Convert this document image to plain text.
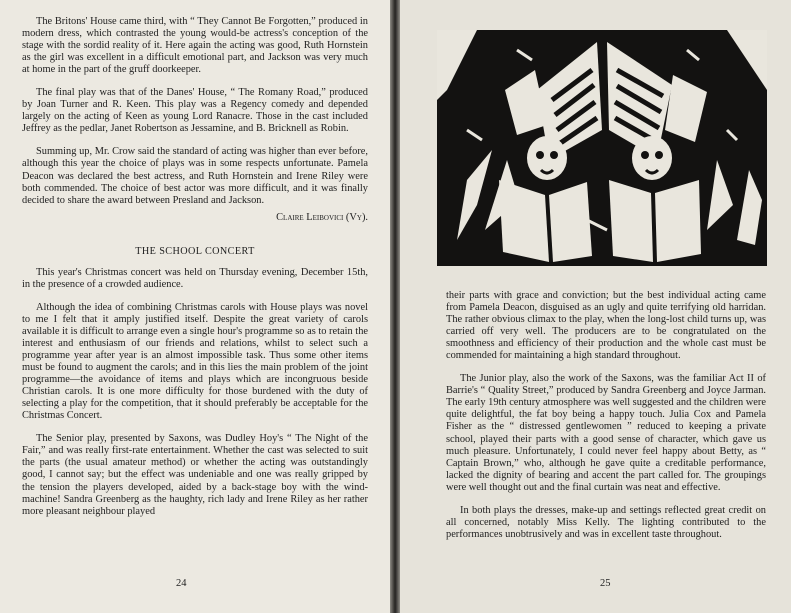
The Britons' House came third, with “ They Cannot Be Forgotten,” produced in modern dress, which contrasted the young would-be actress's conception of the stage with the sordid reality of it. Here again the acting was good, Ruth Hornstein as the girl was excellent in a difficult emotional part, and Jackson was very much at home in the part of the gruff doorkeeper.

The final play was that of the Danes' House, “ The Romany Road,” produced by Joan Turner and R. Keen. This play was a Regency comedy and depended largely on the acting of Keen as young Lord Ranacre. Those in the cast included Jeffrey as the pedlar, Janet Robertson as Jessamine, and B. Bricknell as Robin.

Summing up, Mr. Crow said the standard of acting was higher than ever before, although this year the choice of plays was in some respects unfortunate. Pamela Deacon was declared the best actress, and Ruth Hornstein and Irene Riley were both commended. The choice of best actor was more difficult, and it was finally decided to share the award between Presland and Jackson.

Claire Leibovici (Vy).
THE SCHOOL CONCERT

This year's Christmas concert was held on Thursday evening, December 15th, in the presence of a crowded audience.

Although the idea of combining Christmas carols with House plays was novel to me I felt that it amply justified itself. Despite the great variety of carols available it is difficult to arrange even a single hour's programme so as to retain the interest and enthusiasm of our friends and relations, whilst to select such a programme year after year is an almost impossible task. Thus some other items must be found to augment the carols; and in this lies the main problem of the joint programme—the avoidance of items and plays which are incongruous beside Christian carols. It is one more difficulty for those burdened with the duty of selecting a play for the competition, that it should preferably be acceptable for the Christmas Concert.

The Senior play, presented by Saxons, was Dudley Hoy's “ The Night of the Fair,” and was really first-rate entertainment. Whether the cast was selected to suit the parts (the usual amateur method) or whether the acting was outstandingly good, I cannot say; but the effect was undeniable and one was really gripped by the tension the players developed, aided by a back-stage boy with the wind-machine! Sandra Greenberg as the haughty, rich lady and Irene Riley as her rather more pleasant neighbour played

24

their parts with grace and conviction; but the best individual acting came from Pamela Deacon, disguised as an ugly and quite terrifying old harridan. The rather obvious climax to the play, when the long-lost child turns up, was carried off very well. The producers are to be congratulated on the smoothness and efficiency of their production and the whole cast must be commended for maintaining a high standard throughout.

The Junior play, also the work of the Saxons, was the familiar Act II of Barrie's “ Quality Street,” produced by Sandra Greenberg and Joyce Jarman. The early 19th century atmosphere was well suggested and the children were quite delightful, the fat boy being a happy touch. Julia Cox and Pamela Fisher as the “ distressed gentlewomen ” reduced to keeping a private school, played their parts with a good sense of character, which gave us much pleasure. Unfortunately, I could never feel happy about Betty, as “ Captain Brown,” who, although he gave quite a creditable performance, lacked the dignity of bearing and accent the part called for. The groupings were well thought out and the final curtain was neat and effective.

In both plays the dresses, make-up and settings reflected great credit on all concerned, notably Miss Kelly. The lighting contributed to the performances unobtrusively and was in excellent taste throughout.

25
